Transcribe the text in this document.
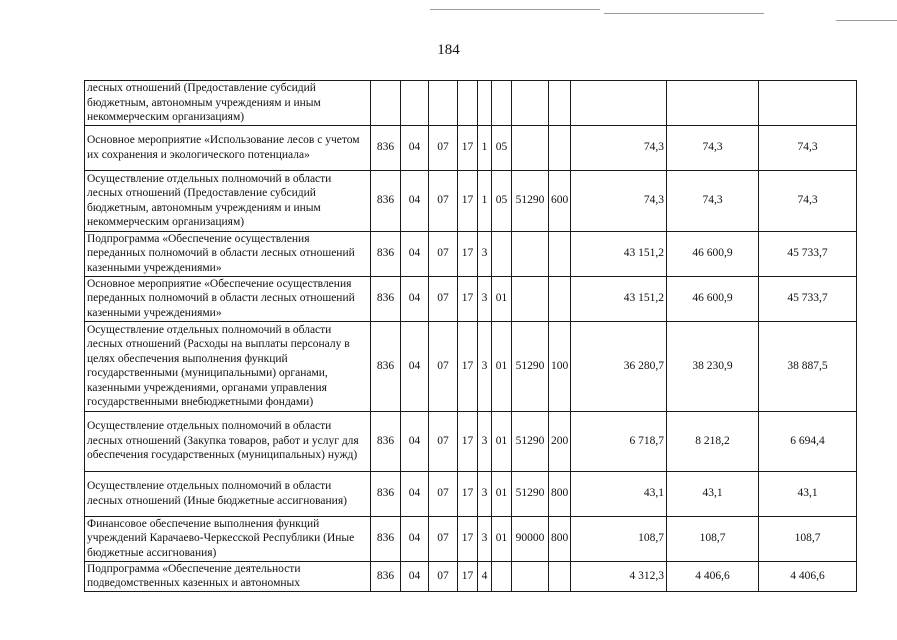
184
лесных отношений (Предоставление субсидий бюджетным, автономным учреждениям и иным некоммерческим организациям)											
Основное мероприятие «Использование лесов с учетом их сохранения и экологического потенциала»	836	04	07	17	1	05			74,3	74,3	74,3
Осуществление отдельных полномочий в области лесных отношений (Предоставление субсидий бюджетным, автономным учреждениям и иным некоммерческим организациям)	836	04	07	17	1	05	51290	600	74,3	74,3	74,3
Подпрограмма «Обеспечение осуществления переданных полномочий в области лесных отношений казенными учреждениями»	836	04	07	17	3				43 151,2	46 600,9	45 733,7
Основное мероприятие «Обеспечение осуществления переданных полномочий в области лесных отношений казенными учреждениями»	836	04	07	17	3	01			43 151,2	46 600,9	45 733,7
Осуществление отдельных полномочий в области лесных отношений (Расходы на выплаты персоналу в целях обеспечения выполнения функций государственными (муниципальными) органами, казенными учреждениями, органами управления государственными внебюджетными фондами)	836	04	07	17	3	01	51290	100	36 280,7	38 230,9	38 887,5
Осуществление отдельных полномочий в области лесных отношений (Закупка товаров, работ и услуг для обеспечения государственных (муниципальных) нужд)	836	04	07	17	3	01	51290	200	6 718,7	8 218,2	6 694,4
Осуществление отдельных полномочий в области лесных отношений (Иные бюджетные ассигнования)	836	04	07	17	3	01	51290	800	43,1	43,1	43,1
Финансовое обеспечение выполнения функций учреждений Карачаево-Черкесской Республики (Иные бюджетные ассигнования)	836	04	07	17	3	01	90000	800	108,7	108,7	108,7
Подпрограмма «Обеспечение деятельности подведомственных казенных и автономных	836	04	07	17	4				4 312,3	4 406,6	4 406,6
